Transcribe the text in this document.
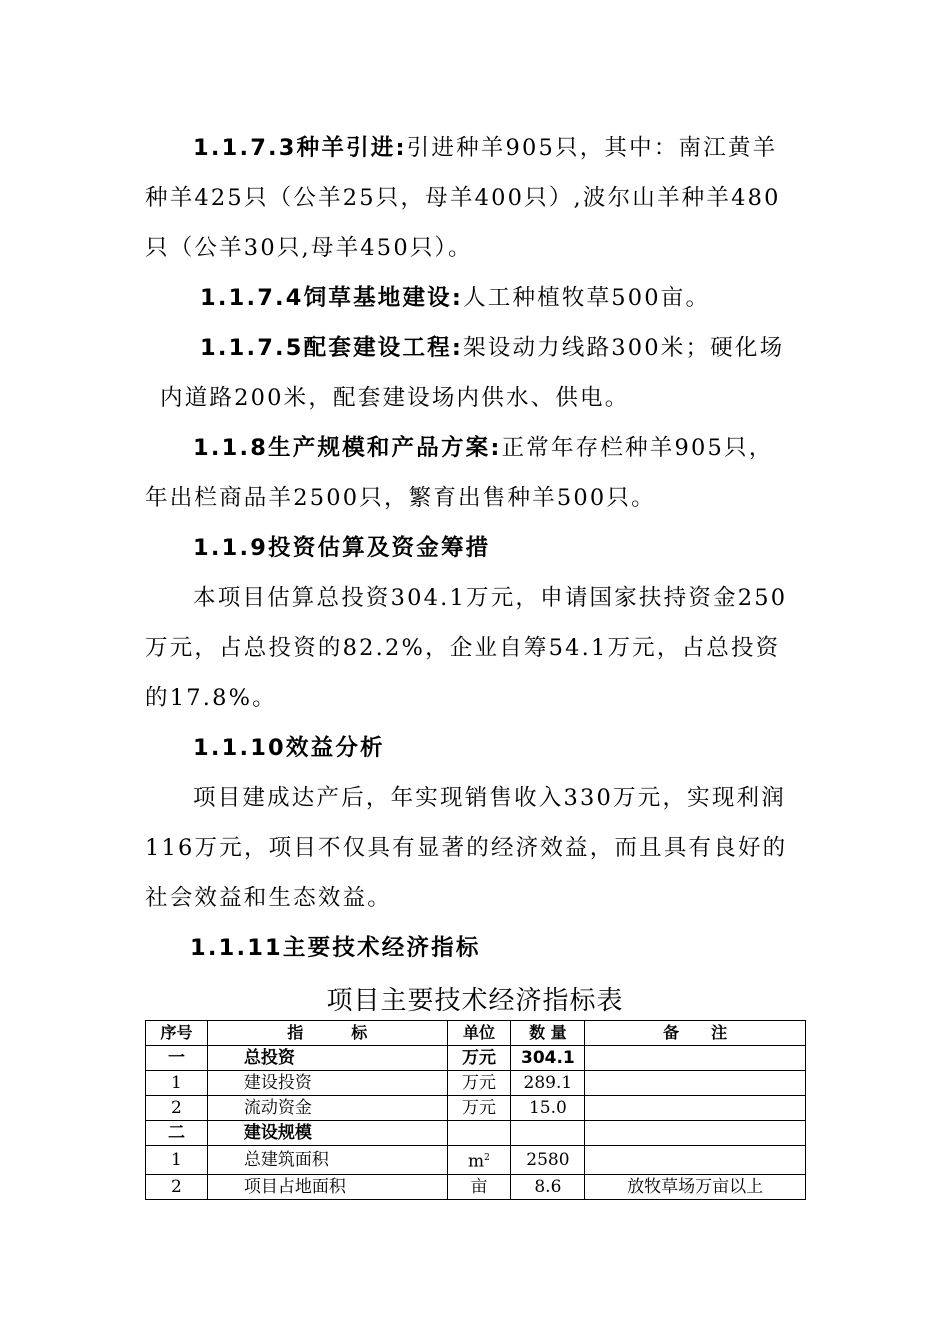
1.1.7.3种羊引进:引进种羊905只，其中：南江黄羊
种羊425只（公羊25只，母羊400只）,波尔山羊种羊480
只（公羊30只,母羊450只）。
1.1.7.4饲草基地建设:人工种植牧草500亩。
1.1.7.5配套建设工程:架设动力线路300米；硬化场
内道路200米，配套建设场内供水、供电。
1.1.8生产规模和产品方案:正常年存栏种羊905只，
年出栏商品羊2500只，繁育出售种羊500只。
1.1.9投资估算及资金筹措
本项目估算总投资304.1万元，申请国家扶持资金250
万元，占总投资的82.2%，企业自筹54.1万元，占总投资
的17.8%。
1.1.10效益分析
项目建成达产后，年实现销售收入330万元，实现利润
116万元，项目不仅具有显著的经济效益，而且具有良好的
社会效益和生态效益。
1.1.11主要技术经济指标
项目主要技术经济指标表
序号	指　　　标	单位	数 量	备　　注
一	总投资	万元	304.1	
1	建设投资	万元	289.1	
2	流动资金	万元	15.0	
二	建设规模			
1	总建筑面积	$m^2$	2580	
2	项目占地面积	亩	8.6	放牧草场万亩以上
